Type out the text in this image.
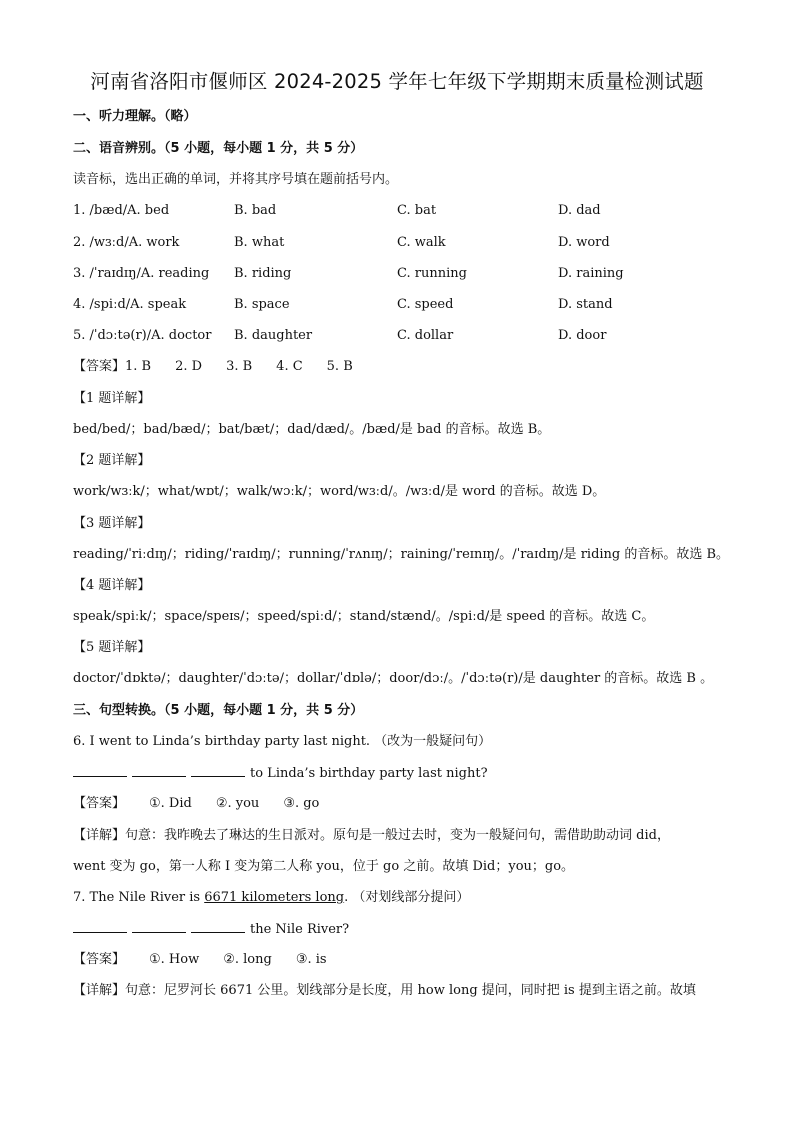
河南省洛阳市偃师区 2024-2025 学年七年级下学期期末质量检测试题
一、听力理解。（略）
二、语音辨别。（5 小题，每小题 1 分，共 5 分）
读音标，选出正确的单词，并将其序号填在题前括号内。
1. /bæd/A. bed	B. bad	C. bat	D. dad
2. /wɜːd/A. work	B. what	C. walk	D. word
3. /ˈraɪdɪŋ/A. reading B. riding	C. running	D. raining
4. /spiːd/A. speak	B. space	C. speed	D. stand
5. /ˈdɔːtə(r)/A. doctor B. daughter	C. dollar	D. door
【答案】1. B 2. D 3. B 4. C 5. B
【1 题详解】
bed/bed/；bad/bæd/；bat/bæt/；dad/dæd/。/bæd/是 bad 的音标。故选 B。
【2 题详解】
work/wɜːk/；what/wɒt/；walk/wɔːk/；word/wɜːd/。/wɜːd/是 word 的音标。故选 D。
【3 题详解】
reading/ˈriːdɪŋ/；riding/ˈraɪdɪŋ/；running/ˈrʌnɪŋ/；raining/ˈreɪnɪŋ/。/ˈraɪdɪŋ/是 riding 的音标。故选 B。
【4 题详解】
speak/spiːk/；space/speɪs/；speed/spiːd/；stand/stænd/。/spiːd/是 speed 的音标。故选 C。
【5 题详解】
doctor/ˈdɒktə/；daughter/ˈdɔːtə/；dollar/ˈdɒlə/；door/dɔː/。/ˈdɔːtə(r)/是 daughter 的音标。故选 B 。
三、句型转换。（5 小题，每小题 1 分，共 5 分）
6. I went to Linda’s birthday party last night. （改为一般疑问句）
to Linda’s birthday party last night?
【答案】 ①. Did ②. you ③. go
【详解】句意：我昨晚去了琳达的生日派对。原句是一般过去时，变为一般疑问句，需借助助动词 did，
went 变为 go，第一人称 I 变为第二人称 you，位于 go 之前。故填 Did；you；go。
7. The Nile River is 6671 kilometers long. （对划线部分提问）
the Nile River?
【答案】 ①. How ②. long ③. is
【详解】句意：尼罗河长 6671 公里。划线部分是长度，用 how long 提问，同时把 is 提到主语之前。故填
